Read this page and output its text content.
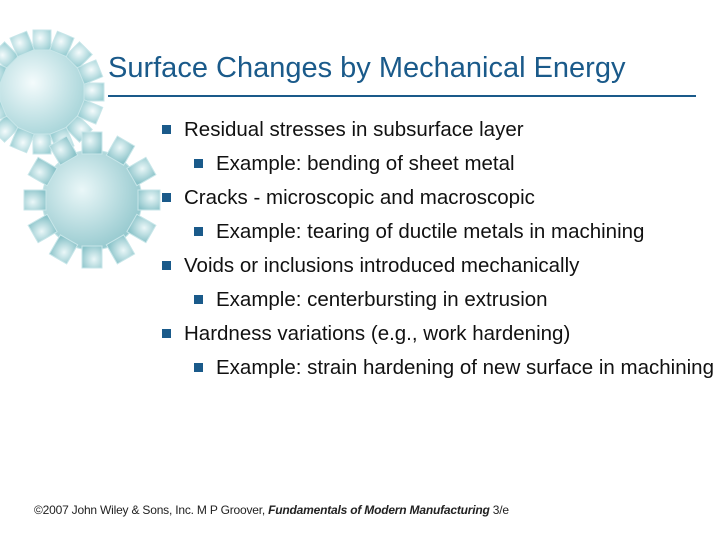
Surface Changes by Mechanical Energy
Residual stresses in subsurface layer
Example: bending of sheet metal
Cracks ‑ microscopic and macroscopic
Example: tearing of ductile metals in machining
Voids or inclusions introduced mechanically
Example: centerbursting in extrusion
Hardness variations (e.g., work hardening)
Example: strain hardening of new surface in machining
©2007 John Wiley & Sons, Inc. M P Groover, Fundamentals of Modern Manufacturing 3/e
